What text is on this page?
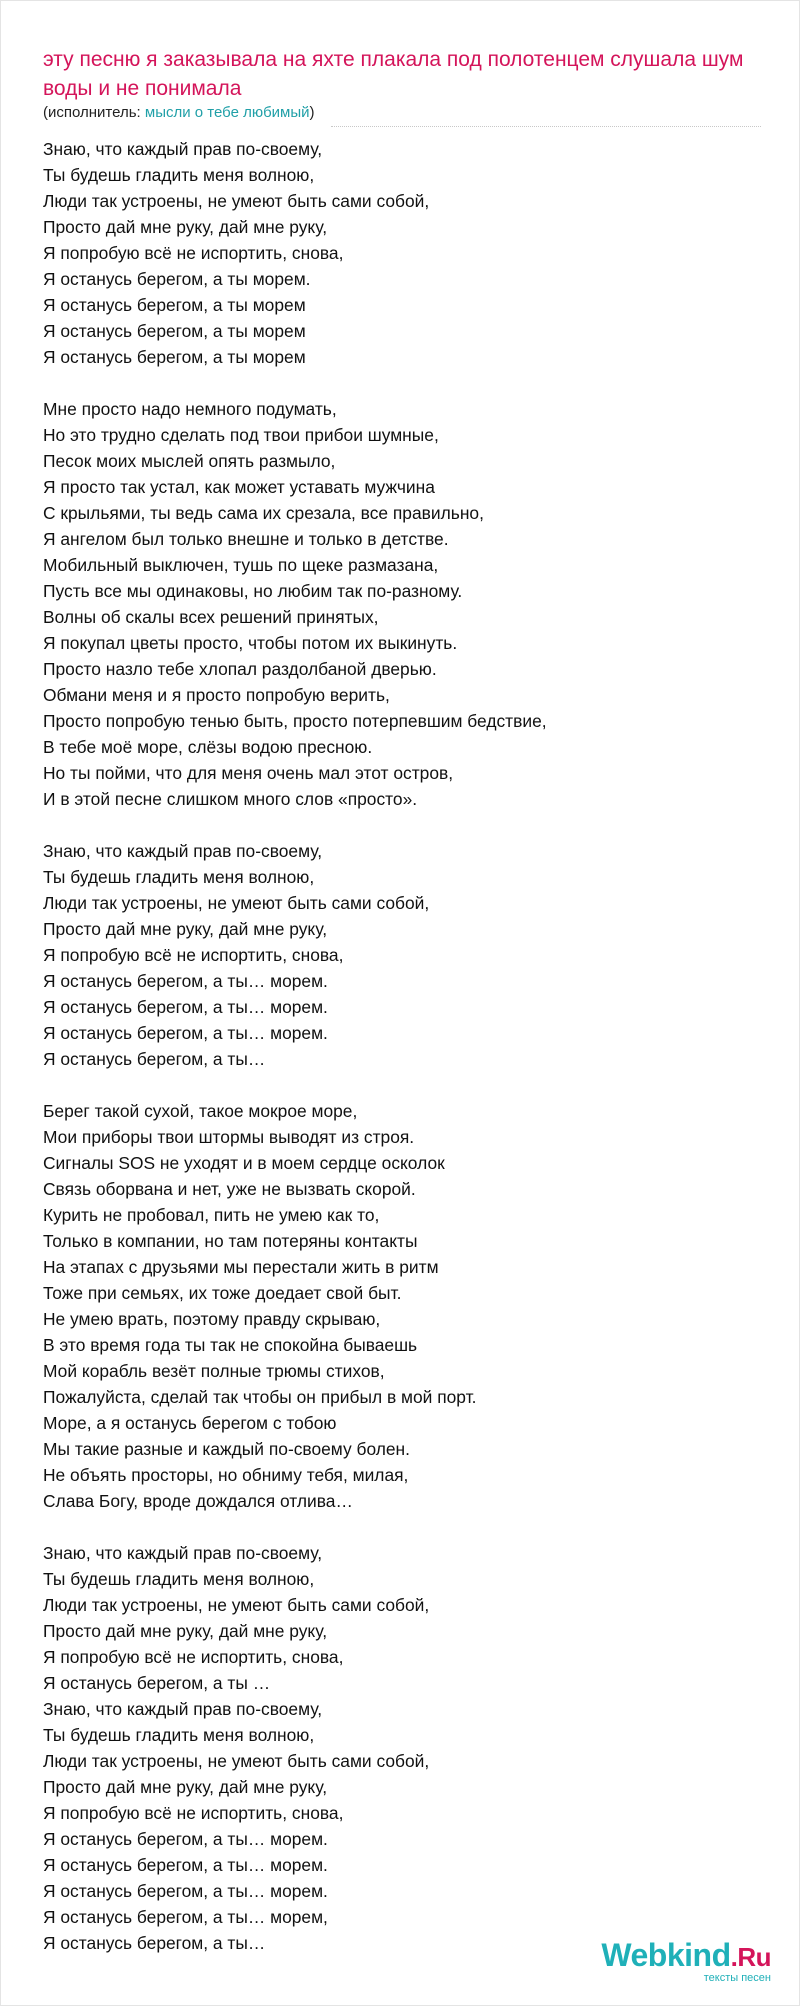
эту песню я заказывала на яхте плакала под полотенцем слушала шум воды и не понимала
(исполнитель: мысли о тебе любимый)
Знаю, что каждый прав по-своему,
Ты будешь гладить меня волною,
Люди так устроены, не умеют быть сами собой,
Просто дай мне руку, дай мне руку,
Я попробую всё не испортить, снова,
Я останусь берегом, а ты морем.
Я останусь берегом, а ты морем
Я останусь берегом, а ты морем
Я останусь берегом, а ты морем
Мне просто надо немного подумать,
Но это трудно сделать под твои прибои шумные,
Песок моих мыслей опять размыло,
Я просто так устал, как может уставать мужчина
С крыльями, ты ведь сама их срезала, все правильно,
Я ангелом был только внешне и только в детстве.
Мобильный выключен, тушь по щеке размазана,
Пусть все мы одинаковы, но любим так по-разному.
Волны об скалы всех решений принятых,
Я покупал цветы просто, чтобы потом их выкинуть.
Просто назло тебе хлопал раздолбаной дверью.
Обмани меня и я просто попробую верить,
Просто попробую тенью быть, просто потерпевшим бедствие,
В тебе моё море, слёзы водою пресною.
Но ты пойми, что для меня очень мал этот остров,
И в этой песне слишком много слов «просто».
Знаю, что каждый прав по-своему,
Ты будешь гладить меня волною,
Люди так устроены, не умеют быть сами собой,
Просто дай мне руку, дай мне руку,
Я попробую всё не испортить, снова,
Я останусь берегом, а ты… морем.
Я останусь берегом, а ты… морем.
Я останусь берегом, а ты… морем.
Я останусь берегом, а ты…
Берег такой сухой, такое мокрое море,
Мои приборы твои штормы выводят из строя.
Сигналы SOS не уходят и в моем сердце осколок
Связь оборвана и нет, уже не вызвать скорой.
Курить не пробовал, пить не умею как то,
Только в компании, но там потеряны контакты
На этапах с друзьями мы перестали жить в ритм
Тоже при семьях, их тоже доедает свой быт.
Не умею врать, поэтому правду скрываю,
В это время года ты так не спокойна бываешь
Мой корабль везёт полные трюмы стихов,
Пожалуйста, сделай так чтобы он прибыл в мой порт.
Море, а я останусь берегом с тобою
Мы такие разные и каждый по-своему болен.
Не объять просторы, но обниму тебя, милая,
Слава Богу, вроде дождался отлива…
Знаю, что каждый прав по-своему,
Ты будешь гладить меня волною,
Люди так устроены, не умеют быть сами собой,
Просто дай мне руку, дай мне руку,
Я попробую всё не испортить, снова,
Я останусь берегом, а ты …
Знаю, что каждый прав по-своему,
Ты будешь гладить меня волною,
Люди так устроены, не умеют быть сами собой,
Просто дай мне руку, дай мне руку,
Я попробую всё не испортить, снова,
Я останусь берегом, а ты… морем.
Я останусь берегом, а ты… морем.
Я останусь берегом, а ты… морем.
Я останусь берегом, а ты… морем,
Я останусь берегом, а ты…	Webkind.Ru
тексты песен
